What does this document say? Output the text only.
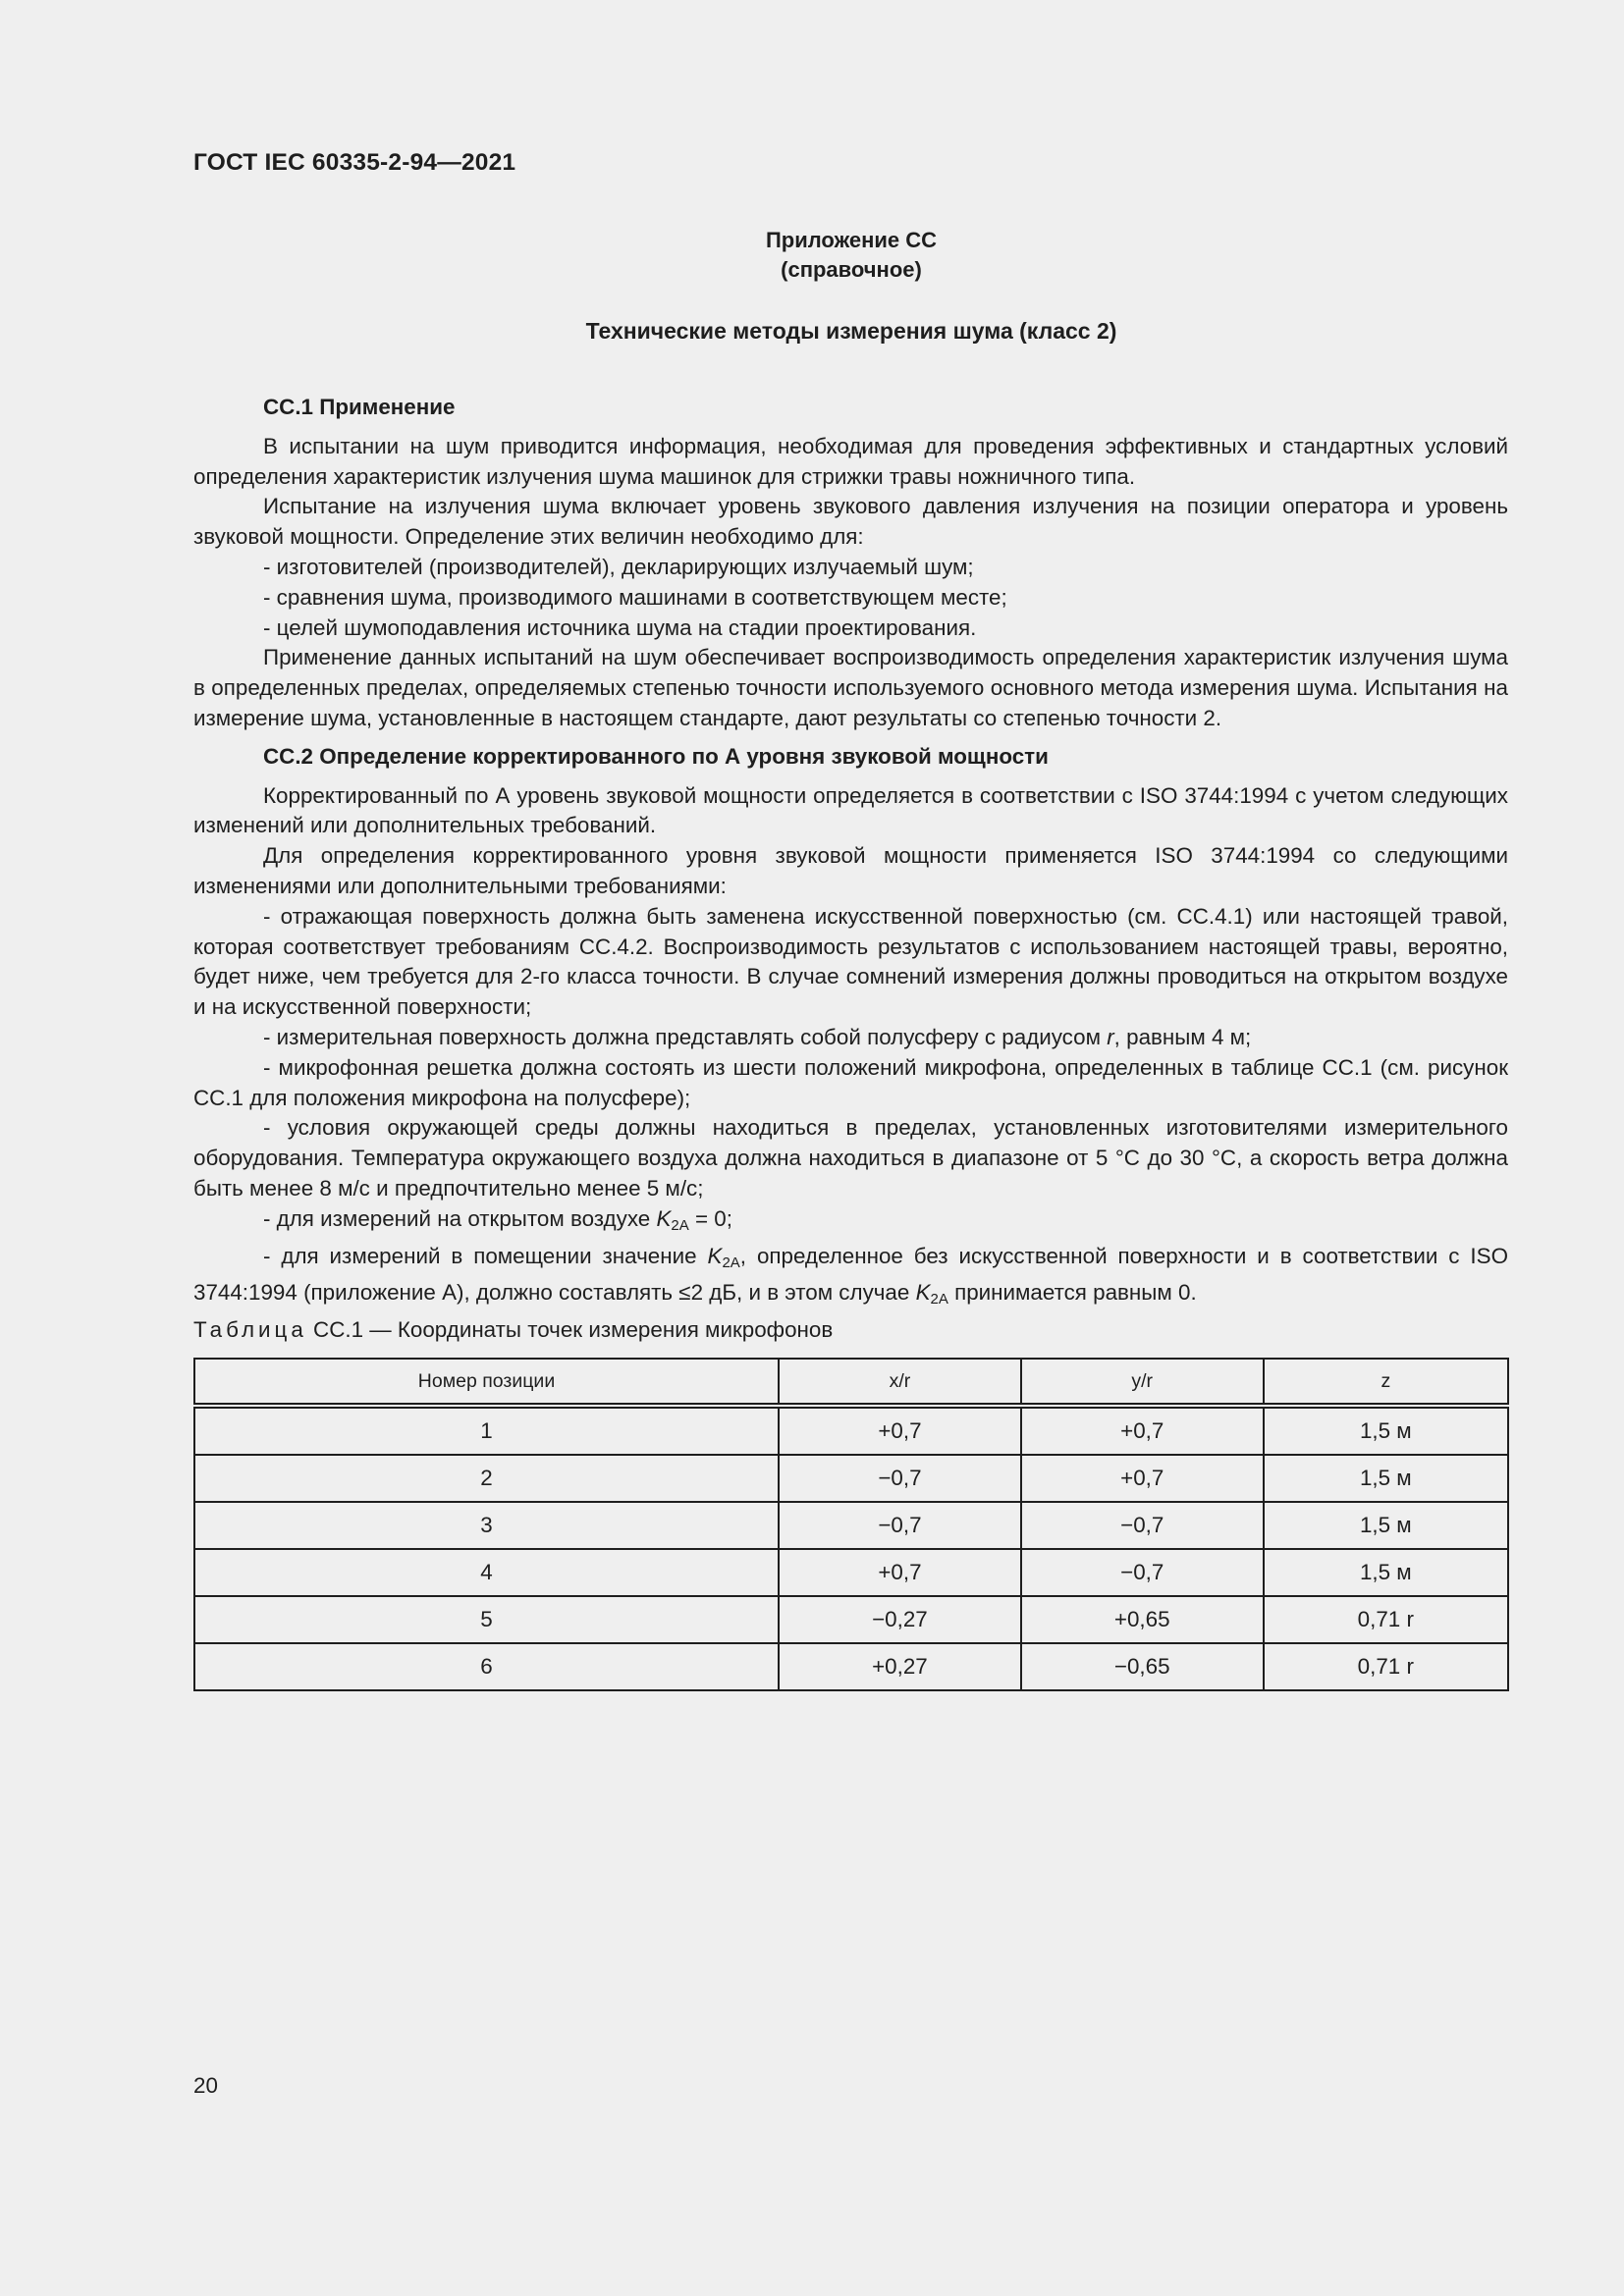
ГОСТ IEC 60335-2-94—2021
Приложение СС
(справочное)
Технические методы измерения шума (класс 2)
СС.1 Применение

В испытании на шум приводится информация, необходимая для проведения эффективных и стандартных условий определения характеристик излучения шума машинок для стрижки травы ножничного типа.

Испытание на излучения шума включает уровень звукового давления излучения на позиции оператора и уровень звуковой мощности. Определение этих величин необходимо для:

- изготовителей (производителей), декларирующих излучаемый шум;

- сравнения шума, производимого машинами в соответствующем месте;

- целей шумоподавления источника шума на стадии проектирования.

Применение данных испытаний на шум обеспечивает воспроизводимость определения характеристик излучения шума в определенных пределах, определяемых степенью точности используемого основного метода измерения шума. Испытания на измерение шума, установленные в настоящем стандарте, дают результаты со степенью точности 2.

СС.2 Определение корректированного по А уровня звуковой мощности

Корректированный по А уровень звуковой мощности определяется в соответствии с ISO 3744:1994 с учетом следующих изменений или дополнительных требований.

Для определения корректированного уровня звуковой мощности применяется ISO 3744:1994 со следующими изменениями или дополнительными требованиями:

- отражающая поверхность должна быть заменена искусственной поверхностью (см. СС.4.1) или настоящей травой, которая соответствует требованиям СС.4.2. Воспроизводимость результатов с использованием настоящей травы, вероятно, будет ниже, чем требуется для 2-го класса точности. В случае сомнений измерения должны проводиться на открытом воздухе и на искусственной поверхности;

- измерительная поверхность должна представлять собой полусферу с радиусом r, равным 4 м;

- микрофонная решетка должна состоять из шести положений микрофона, определенных в таблице СС.1 (см. рисунок СС.1 для положения микрофона на полусфере);

- условия окружающей среды должны находиться в пределах, установленных изготовителями измерительного оборудования. Температура окружающего воздуха должна находиться в диапазоне от 5 °С до 30 °С, а скорость ветра должна быть менее 8 м/с и предпочтительно менее 5 м/с;

- для измерений на открытом воздухе $K_{2A} = 0$;

- для измерений в помещении значение $K_{2A}$, определенное без искусственной поверхности и в соответствии с ISO 3744:1994 (приложение А), должно составлять ≤2 дБ, и в этом случае $K_{2A}$ принимается равным 0.

Таблица СС.1 — Координаты точек измерения микрофонов

Номер позиции	x/r	y/r	z
1	+0,7	+0,7	1,5 м
2	−0,7	+0,7	1,5 м
3	−0,7	−0,7	1,5 м
4	+0,7	−0,7	1,5 м
5	−0,27	+0,65	0,71 r
6	+0,27	−0,65	0,71 r
20
